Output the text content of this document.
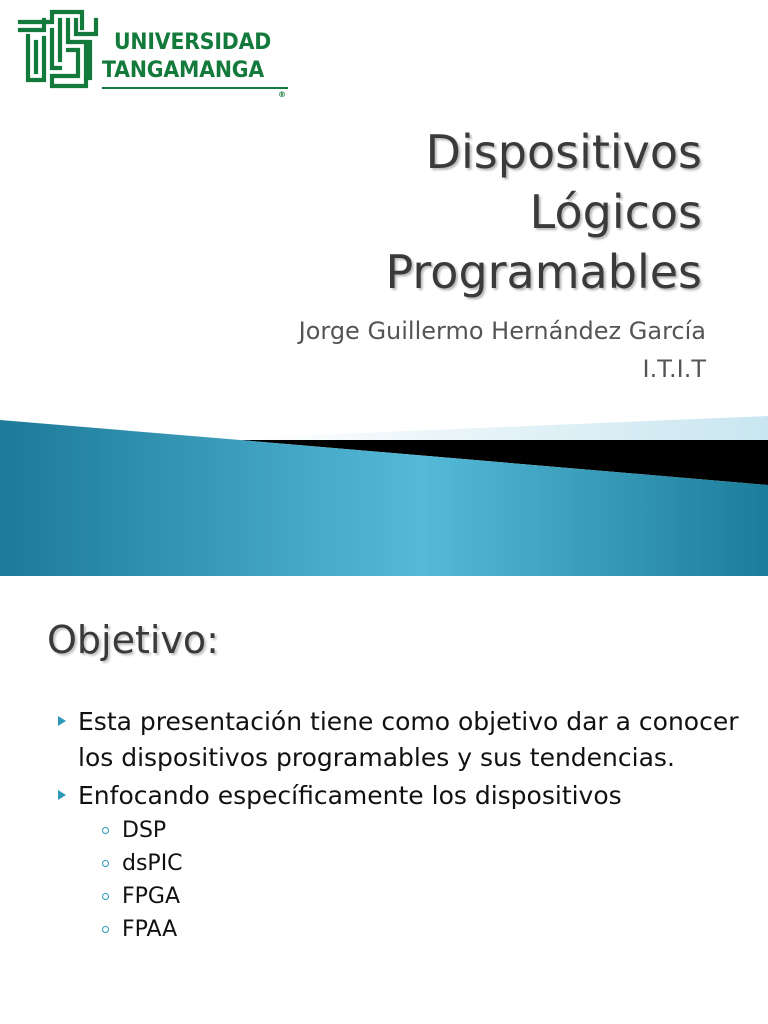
UNIVERSIDAD
TANGAMANGA
®
Dispositivos
Lógicos
Programables
Jorge Guillermo Hernández García
I.T.I.T
Objetivo:
Esta presentación tiene como objetivo dar a conocer los dispositivos programables y sus tendencias.
Enfocando específicamente los dispositivos
DSP
dsPIC
FPGA
FPAA
